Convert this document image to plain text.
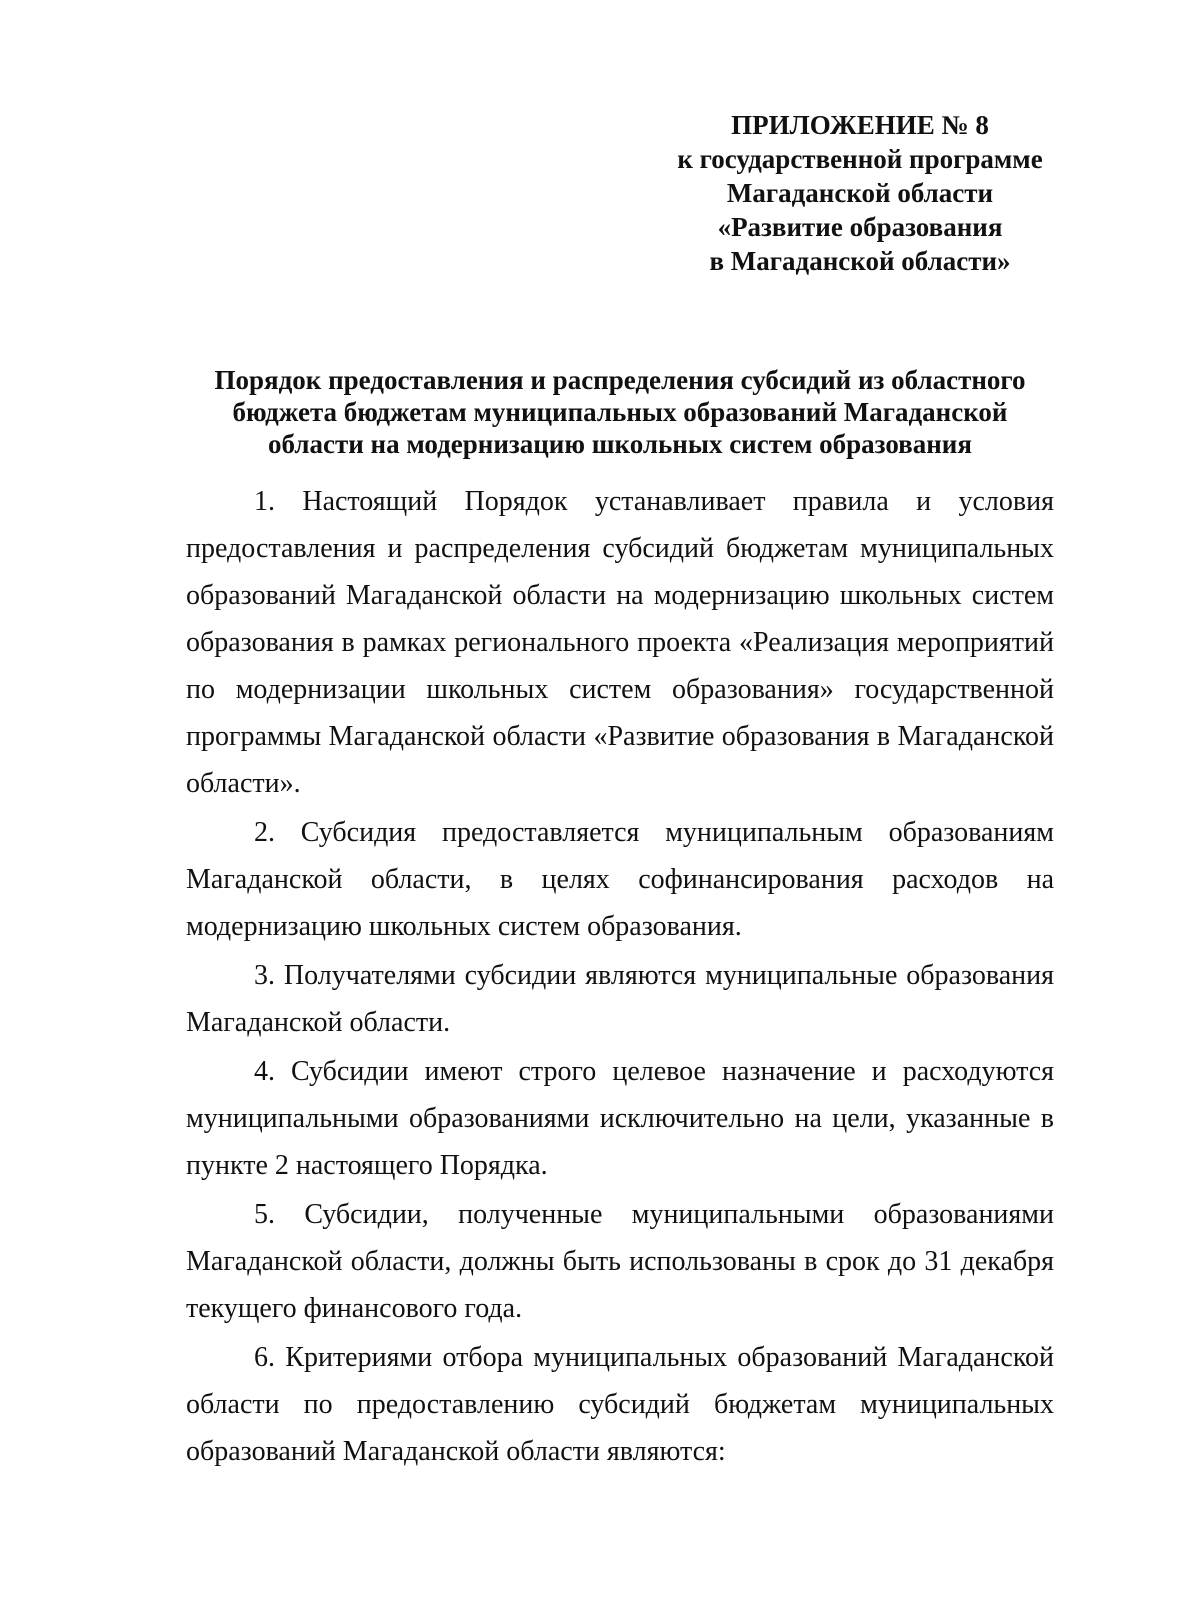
ПРИЛОЖЕНИЕ № 8
к государственной программе
Магаданской области
«Развитие образования
в Магаданской области»
Порядок предоставления и распределения субсидий из областного
бюджета бюджетам муниципальных образований Магаданской
области на модернизацию школьных систем образования

1. Настоящий Порядок устанавливает правила и условия предоставления и распределения субсидий бюджетам муниципальных образований Магаданской области на модернизацию школьных систем образования в рамках регионального проекта «Реализация мероприятий по модернизации школьных систем образования» государственной программы Магаданской области «Развитие образования в Магаданской области».

2. Субсидия предоставляется муниципальным образованиям Магаданской области, в целях софинансирования расходов на модернизацию школьных систем образования.

3. Получателями субсидии являются муниципальные образования Магаданской области.

4. Субсидии имеют строго целевое назначение и расходуются муниципальными образованиями исключительно на цели, указанные в пункте 2 настоящего Порядка.

5. Субсидии, полученные муниципальными образованиями Магаданской области, должны быть использованы в срок до 31 декабря текущего финансового года.

6. Критериями отбора муниципальных образований Магаданской области по предоставлению субсидий бюджетам муниципальных образований Магаданской области являются:
